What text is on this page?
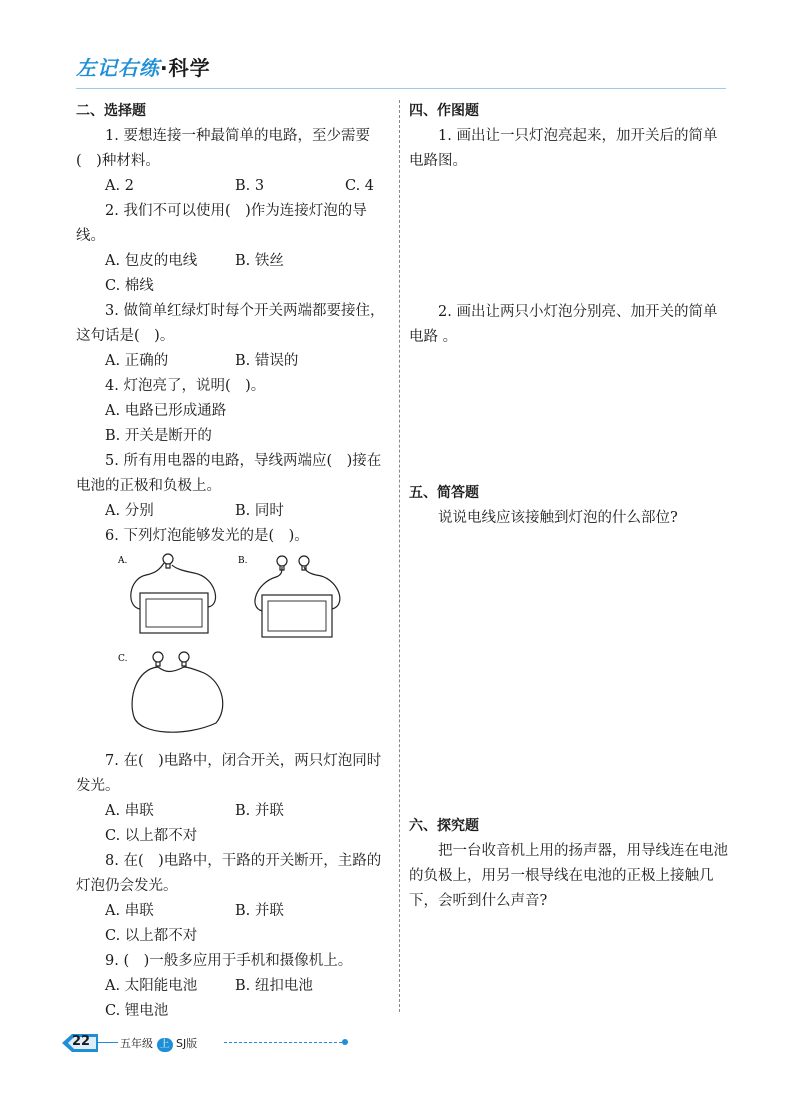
左记右练·科学
二、选择题

1. 要想连接一种最简单的电路，至少需要(　)种材料。

A. 2	B. 3	C. 4

2. 我们不可以使用(　)作为连接灯泡的导线。

A. 包皮的电线	B. 铁丝

C. 棉线

3. 做简单红绿灯时每个开关两端都要接住，这句话是(　)。

A. 正确的	B. 错误的

4. 灯泡亮了，说明(　)。

A. 电路已形成通路

B. 开关是断开的

5. 所有用电器的电路，导线两端应(　)接在电池的正极和负极上。

A. 分别	B. 同时

6. 下列灯泡能够发光的是(　)。

A.	B.
C.

7. 在(　)电路中，闭合开关，两只灯泡同时发光。

A. 串联	B. 并联

C. 以上都不对

8. 在(　)电路中，干路的开关断开，主路的灯泡仍会发光。

A. 串联	B. 并联

C. 以上都不对

9. (　)一般多应用于手机和摄像机上。

A. 太阳能电池	B. 纽扣电池

C. 锂电池

四、作图题

1. 画出让一只灯泡亮起来，加开关后的简单电路图。

2. 画出让两只小灯泡分别亮、加开关的简单电路 。

五、简答题

说说电线应该接触到灯泡的什么部位?

六、探究题

把一台收音机上用的扬声器，用导线连在电池的负极上，用另一根导线在电池的正极上接触几下，会听到什么声音?

22	五年级 上 SJ版
